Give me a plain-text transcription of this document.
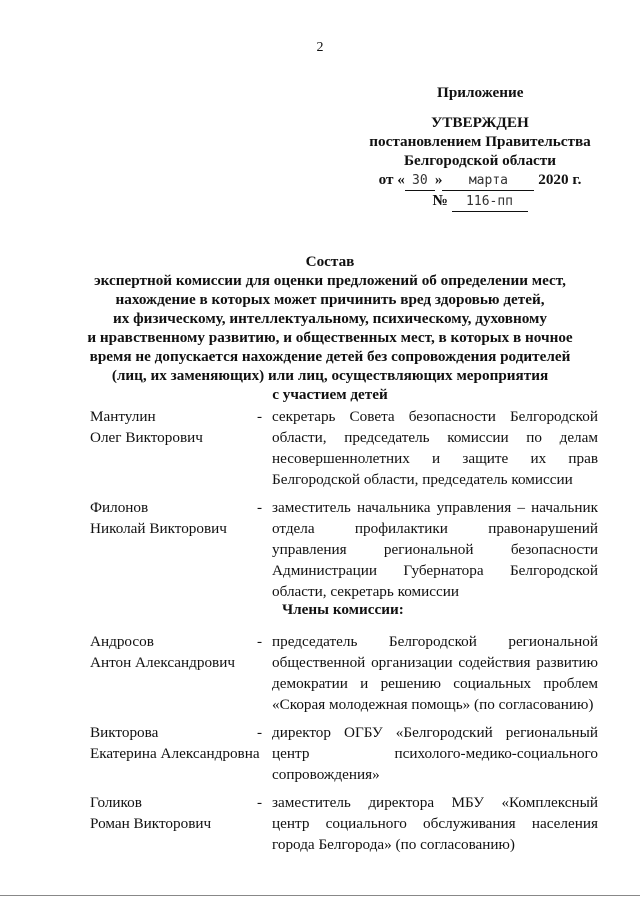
2
Приложение
УТВЕРЖДЕН
постановлением Правительства
Белгородской области
от « 30 » марта 2020 г.
№ 116-пп
Состав
экспертной комиссии для оценки предложений об определении мест,
нахождение в которых может причинить вред здоровью детей,
их физическому, интеллектуальному, психическому, духовному
и нравственному развитию, и общественных мест, в которых в ночное
время не допускается нахождение детей без сопровождения родителей
(лиц, их заменяющих) или лиц, осуществляющих мероприятия
с участием детей
Мантулин
Олег Викторович
- секретарь Совета безопасности Белгородской области, председатель комиссии по делам несовершеннолетних и защите их прав Белгородской области, председатель комиссии
Филонов
Николай Викторович
- заместитель начальника управления – начальник отдела профилактики правонарушений управления региональной безопасности Администрации Губернатора Белгородской области, секретарь комиссии
Андросов
Антон Александрович
- председатель Белгородской региональной общественной организации содействия развитию демократии и решению социальных проблем «Скорая молодежная помощь» (по согласованию)
Викторова
Екатерина Александровна
- директор ОГБУ «Белгородский региональный центр психолого-медико-социального сопровождения»
Голиков
Роман Викторович
- заместитель директора МБУ «Комплексный центр социального обслуживания населения города Белгорода» (по согласованию)
Члены комиссии:
